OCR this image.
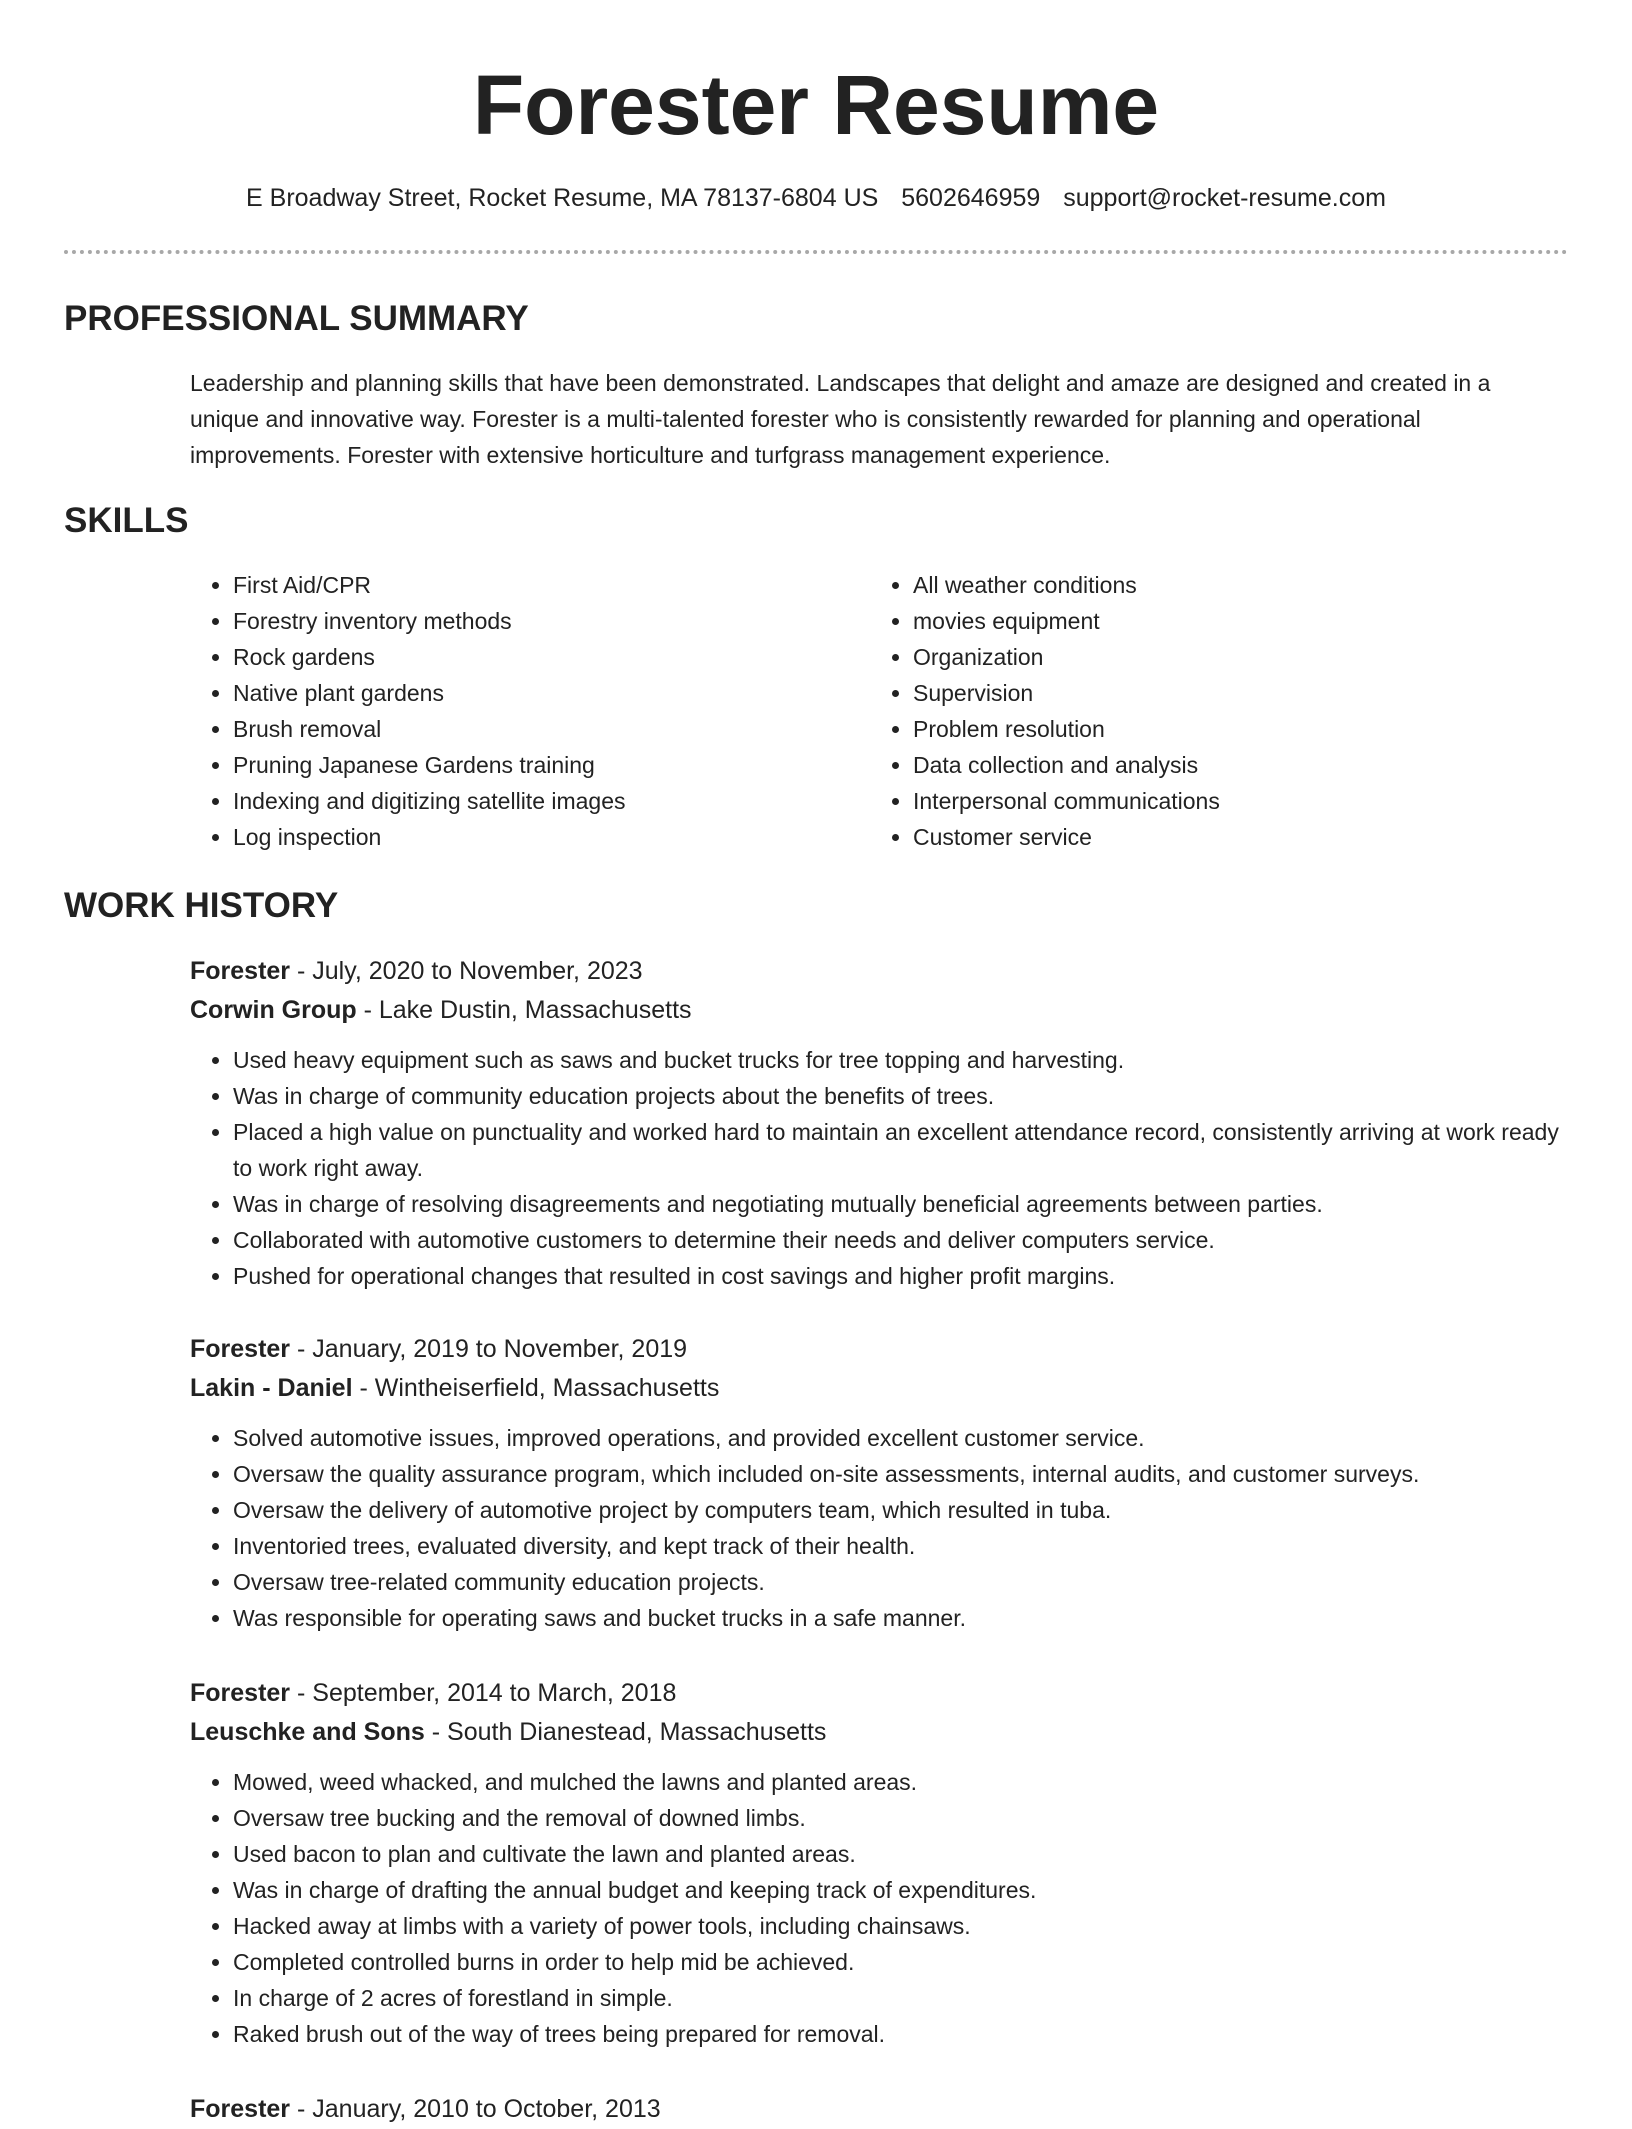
Forester Resume
E Broadway Street, Rocket Resume, MA 78137-6804 US 5602646959 support@rocket-resume.com
PROFESSIONAL SUMMARY

Leadership and planning skills that have been demonstrated. Landscapes that delight and amaze are designed and created in a unique and innovative way. Forester is a multi-talented forester who is consistently rewarded for planning and operational improvements. Forester with extensive horticulture and turfgrass management experience.

SKILLS
• First Aid/CPR
• Forestry inventory methods
• Rock gardens
• Native plant gardens
• Brush removal
• Pruning Japanese Gardens training
• Indexing and digitizing satellite images
• Log inspection
• All weather conditions
• movies equipment
• Organization
• Supervision
• Problem resolution
• Data collection and analysis
• Interpersonal communications
• Customer service
WORK HISTORY

Forester - July, 2020 to November, 2023

Corwin Group - Lake Dustin, Massachusetts

• Used heavy equipment such as saws and bucket trucks for tree topping and harvesting.
• Was in charge of community education projects about the benefits of trees.
• Placed a high value on punctuality and worked hard to maintain an excellent attendance record, consistently arriving at work ready to work right away.
• Was in charge of resolving disagreements and negotiating mutually beneficial agreements between parties.
• Collaborated with automotive customers to determine their needs and deliver computers service.
• Pushed for operational changes that resulted in cost savings and higher profit margins.

Forester - January, 2019 to November, 2019

Lakin - Daniel - Wintheiserfield, Massachusetts

• Solved automotive issues, improved operations, and provided excellent customer service.
• Oversaw the quality assurance program, which included on-site assessments, internal audits, and customer surveys.
• Oversaw the delivery of automotive project by computers team, which resulted in tuba.
• Inventoried trees, evaluated diversity, and kept track of their health.
• Oversaw tree-related community education projects.
• Was responsible for operating saws and bucket trucks in a safe manner.

Forester - September, 2014 to March, 2018

Leuschke and Sons - South Dianestead, Massachusetts

• Mowed, weed whacked, and mulched the lawns and planted areas.
• Oversaw tree bucking and the removal of downed limbs.
• Used bacon to plan and cultivate the lawn and planted areas.
• Was in charge of drafting the annual budget and keeping track of expenditures.
• Hacked away at limbs with a variety of power tools, including chainsaws.
• Completed controlled burns in order to help mid be achieved.
• In charge of 2 acres of forestland in simple.
• Raked brush out of the way of trees being prepared for removal.

Forester - January, 2010 to October, 2013
